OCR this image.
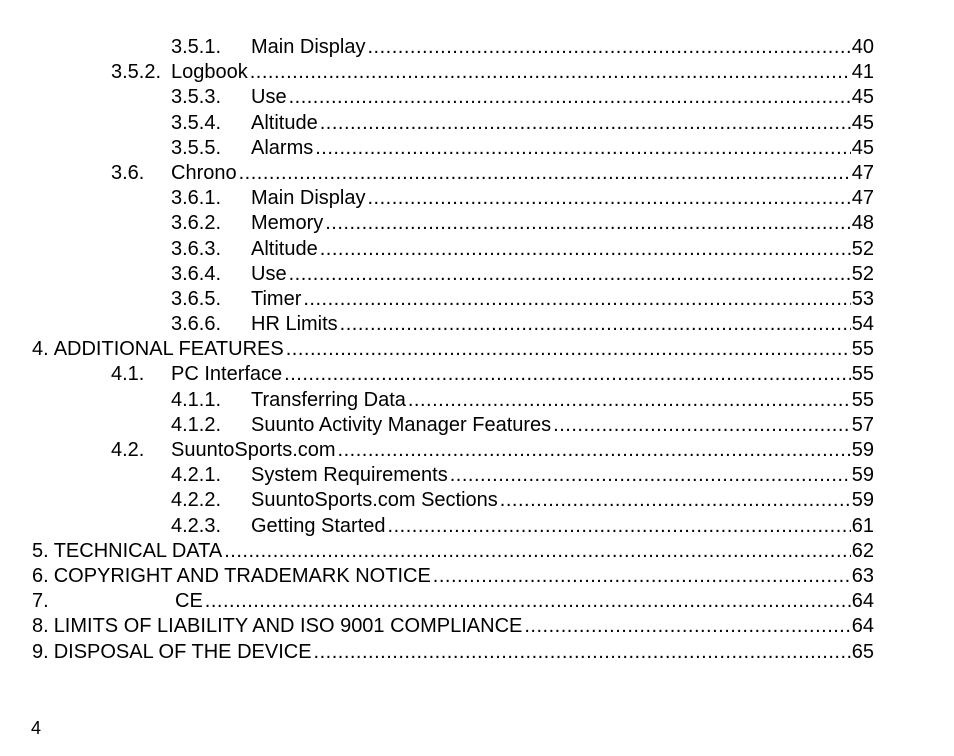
3.5.1.	Main Display .....	40
3.5.2. Logbook .....	41
3.5.3.	Use .....	45
3.5.4.	Altitude .....	45
3.5.5.	Alarms .....	45
3.6.	Chrono .....	47
3.6.1.	Main Display .....	47
3.6.2.	Memory .....	48
3.6.3.	Altitude .....	52
3.6.4.	Use .....	52
3.6.5.	Timer .....	53
3.6.6.	HR Limits .....	54
4. ADDITIONAL FEATURES .....	55
4.1.	PC Interface .....	55
4.1.1.	Transferring Data .....	55
4.1.2.	Suunto Activity Manager Features .....	57
4.2.	SuuntoSports.com .....	59
4.2.1.	System Requirements .....	59
4.2.2.	SuuntoSports.com Sections .....	59
4.2.3.	Getting Started .....	61
5. TECHNICAL DATA .....	62
6. COPYRIGHT AND TRADEMARK NOTICE .....	63
7.	CE .....	64
8. LIMITS OF LIABILITY AND ISO 9001 COMPLIANCE .....	64
9. DISPOSAL OF THE DEVICE .....	65
4
